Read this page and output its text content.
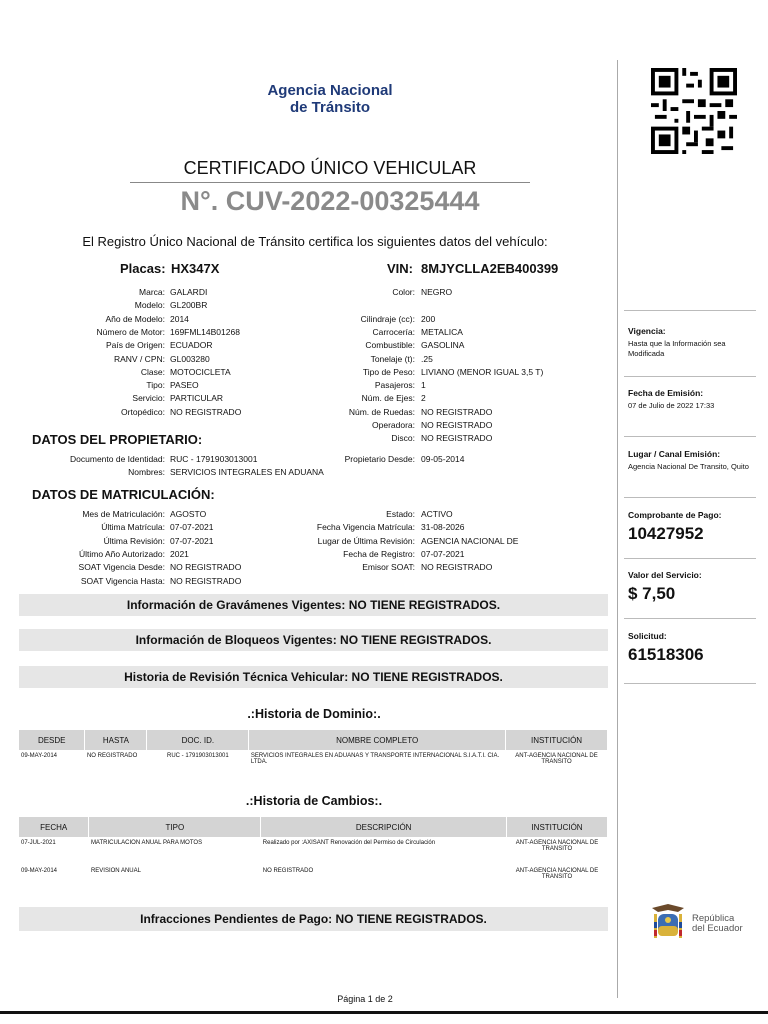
Agencia Nacional
de Tránsito
CERTIFICADO ÚNICO VEHICULAR
N°. CUV-2022-00325444
El Registro Único Nacional de Tránsito certifica los siguientes datos del vehículo:
Placas: HX347X	VIN: 8MJYCLLA2EB400399
Marca: GALARDI
Modelo: GL200BR
Año de Modelo: 2014
Número de Motor: 169FML14B01268
País de Origen: ECUADOR
RANV / CPN: GL003280
Clase: MOTOCICLETA
Tipo: PASEO
Servicio: PARTICULAR
Ortopédico: NO REGISTRADO
Color: NEGRO
Cilindraje (cc): 200
Carrocería: METALICA
Combustible: GASOLINA
Tonelaje (t): .25
Tipo de Peso: LIVIANO (MENOR IGUAL 3,5 T)
Pasajeros: 1
Núm. de Ejes: 2
Núm. de Ruedas: NO REGISTRADO
Operadora: NO REGISTRADO
Disco: NO REGISTRADO
DATOS DEL PROPIETARIO:
Documento de Identidad: RUC - 1791903013001
Nombres: SERVICIOS INTEGRALES EN ADUANA
Propietario Desde: 09-05-2014
DATOS DE MATRICULACIÓN:
Mes de Matriculación: AGOSTO
Última Matrícula: 07-07-2021
Última Revisión: 07-07-2021
Último Año Autorizado: 2021
SOAT Vigencia Desde: NO REGISTRADO
SOAT Vigencia Hasta: NO REGISTRADO
Estado: ACTIVO
Fecha Vigencia Matrícula: 31-08-2026
Lugar de Última Revisión: AGENCIA NACIONAL DE
Fecha de Registro: 07-07-2021
Emisor SOAT: NO REGISTRADO
Información de Gravámenes Vigentes: NO TIENE REGISTRADOS.
Información de Bloqueos Vigentes: NO TIENE REGISTRADOS.
Historia de Revisión Técnica Vehicular: NO TIENE REGISTRADOS.
.:Historia de Dominio:.
DESDE	HASTA	DOC. ID.	NOMBRE COMPLETO	INSTITUCIÓN
09-MAY-2014	NO REGISTRADO	RUC - 1791903013001	SERVICIOS INTEGRALES EN ADUANAS Y TRANSPORTE INTERNACIONAL S.I.A.T.I. CIA. LTDA.	ANT-AGENCIA NACIONAL DE TRANSITO
.:Historia de Cambios:.
FECHA	TIPO	DESCRIPCIÓN	INSTITUCIÓN
07-JUL-2021	MATRICULACION ANUAL PARA MOTOS	Realizado por :AXISANT Renovación del Permiso de Circulación	ANT-AGENCIA NACIONAL DE TRANSITO
09-MAY-2014	REVISION ANUAL	NO REGISTRADO	ANT-AGENCIA NACIONAL DE TRANSITO
Infracciones Pendientes de Pago: NO TIENE REGISTRADOS.
Página 1 de 2
Vigencia:
Hasta que la Información sea Modificada
Fecha de Emisión:
07 de Julio de 2022 17:33
Lugar / Canal Emisión:
Agencia Nacional De Transito, Quito
Comprobante de Pago:
10427952
Valor del Servicio:
$ 7,50
Solicitud:
61518306
República
del Ecuador
